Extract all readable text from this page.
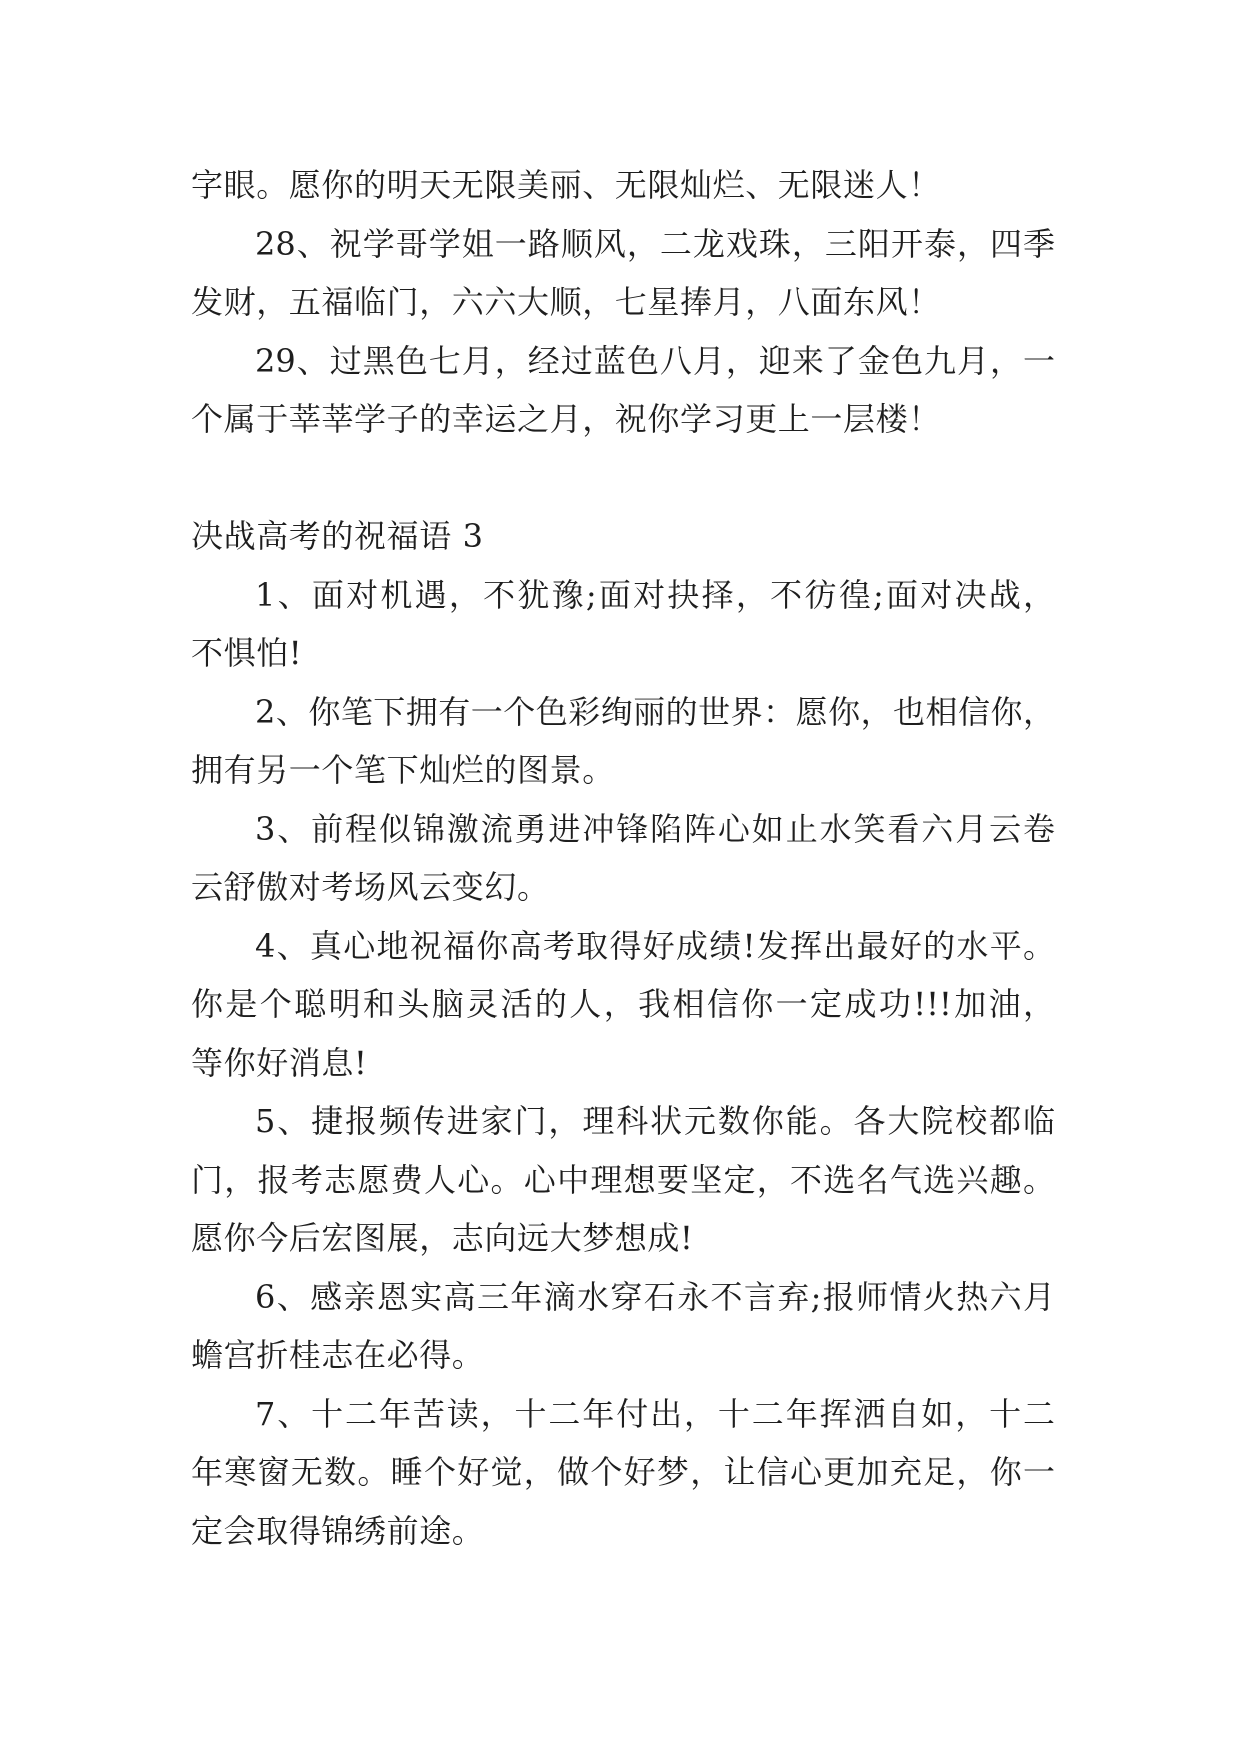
字眼。愿你的明天无限美丽、无限灿烂、无限迷人！
28、祝学哥学姐一路顺风，二龙戏珠，三阳开泰，四季
发财，五福临门，六六大顺，七星捧月，八面东风！
29、过黑色七月，经过蓝色八月，迎来了金色九月，一
个属于莘莘学子的幸运之月，祝你学习更上一层楼！
决战高考的祝福语 3
1、面对机遇，不犹豫;面对抉择，不彷徨;面对决战，
不惧怕!
2、你笔下拥有一个色彩绚丽的世界：愿你，也相信你，
拥有另一个笔下灿烂的图景。
3、前程似锦激流勇进冲锋陷阵心如止水笑看六月云卷
云舒傲对考场风云变幻。
4、真心地祝福你高考取得好成绩!发挥出最好的水平。
你是个聪明和头脑灵活的人，我相信你一定成功!!!加油，
等你好消息!
5、捷报频传进家门，理科状元数你能。各大院校都临
门，报考志愿费人心。心中理想要坚定，不选名气选兴趣。
愿你今后宏图展，志向远大梦想成!
6、感亲恩实高三年滴水穿石永不言弃;报师情火热六月
蟾宫折桂志在必得。
7、十二年苦读，十二年付出，十二年挥洒自如，十二
年寒窗无数。睡个好觉，做个好梦，让信心更加充足，你一
定会取得锦绣前途。
